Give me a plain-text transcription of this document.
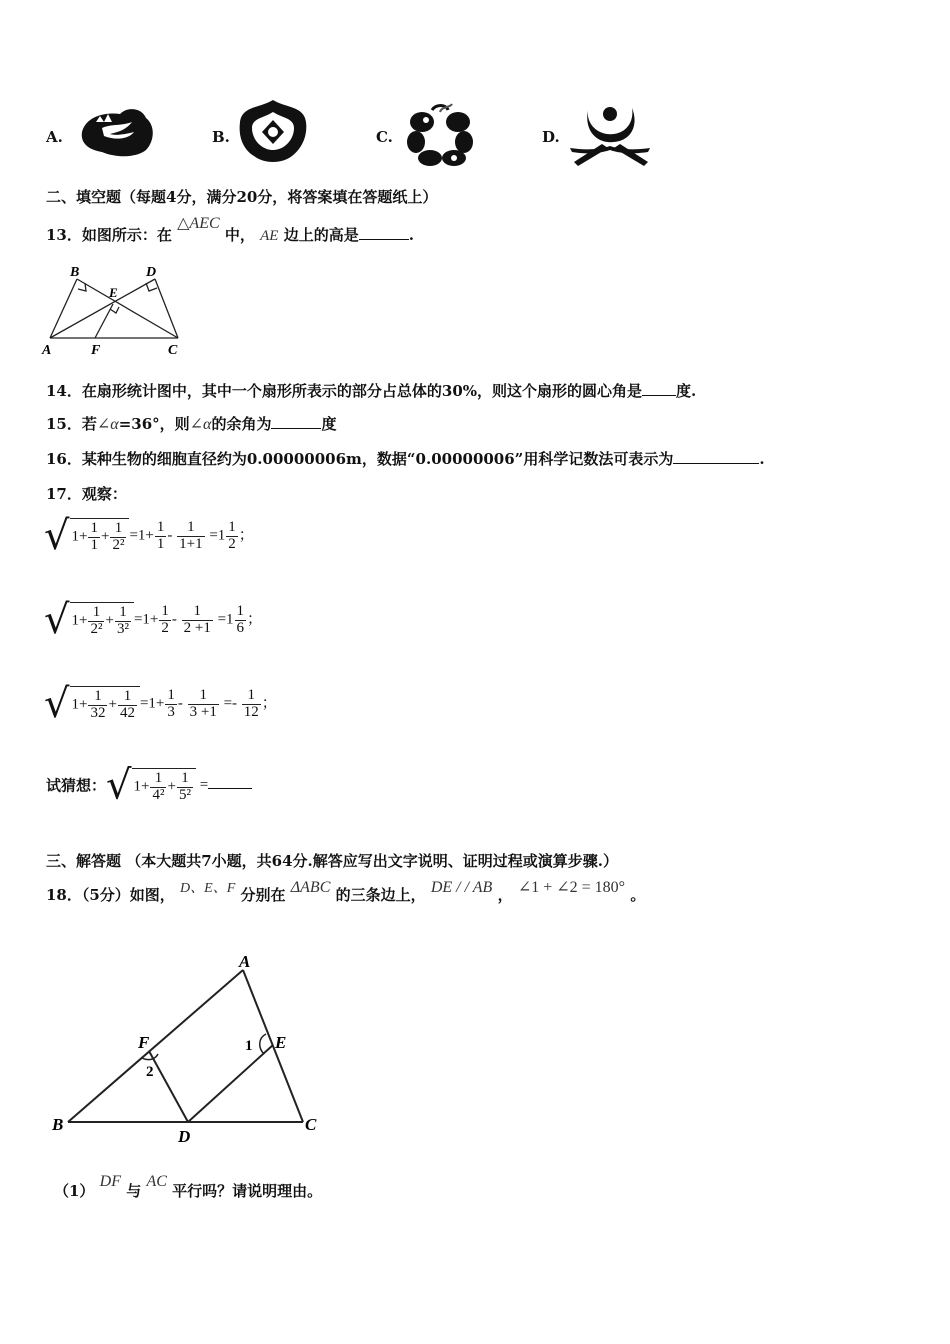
A.	B.	C.	D.
二、填空题（每题4分，满分20分，将答案填在答题纸上）
13．如图所示：在 △AEC 中， AE 边上的高是	.
B	D
E
A	F	C
14．在扇形统计图中，其中一个扇形所表示的部分占总体的30%，则这个扇形的圆心角是 度.
15．若∠α=36°，则∠α的余角为	度
16．某种生物的细胞直径约为0.00000006m，数据“0.00000006”用科学记数法可表示为	.
17．观察：
√ $1+ \frac{1}{1} + \frac{1}{\text{2²}} =1+ \frac{1}{1} - \frac{1}{1+1} =1 \frac{1}{2}$ ；
√ $1+ \frac{1}{\text{2²}} + \frac{1}{\text{3²}} =1+ \frac{1}{2} - \frac{1}{2 +1} =1 \frac{1}{6}$ ；
√ $1+ \frac{1}{32} + \frac{1}{42} =1+ \frac{1}{3} - \frac{1}{3 +1} =- \frac{1}{12}$ ；
试猜想：√ $1+ \frac{1}{\text{4²}} + \frac{1}{\text{5²}}$ =
三、解答题 （本大题共7小题，共64分.解答应写出文字说明、证明过程或演算步骤.）
18．（5分）如图， D、E、F 分别在 ΔABC 的三条边上， DE / / AB ， ∠1 + ∠2 = 180° 。
A
F	E
1
2
B
D
C
（1） DF 与 AC 平行吗？请说明理由。
